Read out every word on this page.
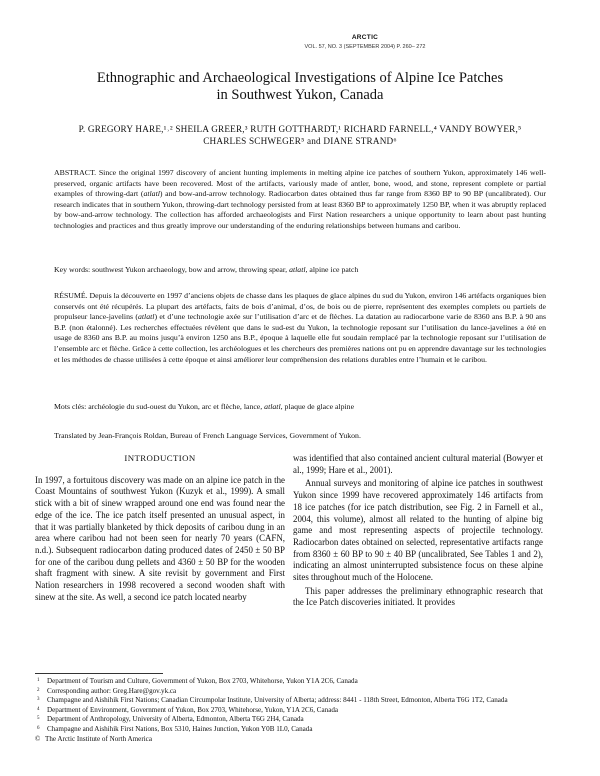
ARCTIC
VOL. 57, NO. 3 (SEPTEMBER 2004) P. 260– 272
Ethnographic and Archaeological Investigations of Alpine Ice Patches
in Southwest Yukon, Canada
P. GREGORY HARE,¹˒² SHEILA GREER,³ RUTH GOTTHARDT,¹ RICHARD FARNELL,⁴ VANDY BOWYER,⁵
CHARLES SCHWEGER⁵ and DIANE STRAND⁶
ABSTRACT. Since the original 1997 discovery of ancient hunting implements in melting alpine ice patches of southern Yukon, approximately 146 well-preserved, organic artifacts have been recovered. Most of the artifacts, variously made of antler, bone, wood, and stone, represent complete or partial examples of throwing-dart (atlatl) and bow-and-arrow technology. Radiocarbon dates obtained thus far range from 8360 BP to 90 BP (uncalibrated). Our research indicates that in southern Yukon, throwing-dart technology persisted from at least 8360 BP to approximately 1250 BP, when it was abruptly replaced by bow-and-arrow technology. The collection has afforded archaeologists and First Nation researchers a unique opportunity to learn about past hunting technologies and practices and thus greatly improve our understanding of the enduring relationships between humans and caribou.
Key words: southwest Yukon archaeology, bow and arrow, throwing spear, atlatl, alpine ice patch
RÉSUMÉ. Depuis la découverte en 1997 d’anciens objets de chasse dans les plaques de glace alpines du sud du Yukon, environ 146 artéfacts organiques bien conservés ont été récupérés. La plupart des artéfacts, faits de bois d’animal, d’os, de bois ou de pierre, représentent des exemples complets ou partiels de propulseur lance-javelins (atlatl) et d’une technologie axée sur l’utilisation d’arc et de flèches. La datation au radiocarbone varie de 8360 ans B.P. à 90 ans B.P. (non étalonné). Les recherches effectuées révèlent que dans le sud-est du Yukon, la technologie reposant sur l’utilisation du lance-javelines a été en usage de 8360 ans B.P. au moins jusqu’à environ 1250 ans B.P., époque à laquelle elle fut soudain remplacé par la technologie reposant sur l’utilisation de l’ensemble arc et flèche. Grâce à cette collection, les archéologues et les chercheurs des premières nations ont pu en apprendre davantage sur les technologies et les méthodes de chasse utilisées à cette époque et ainsi améliorer leur compréhension des relations durables entre l’humain et le caribou.
Mots clés: archéologie du sud-ouest du Yukon, arc et flèche, lance, atlatl, plaque de glace alpine
Translated by Jean-François Roldan, Bureau of French Language Services, Government of Yukon.
INTRODUCTION

In 1997, a fortuitous discovery was made on an alpine ice patch in the Coast Mountains of southwest Yukon (Kuzyk et al., 1999). A small stick with a bit of sinew wrapped around one end was found near the edge of the ice. The ice patch itself presented an unusual aspect, in that it was partially blanketed by thick deposits of caribou dung in an area where caribou had not been seen for nearly 70 years (CAFN, n.d.). Subsequent radiocarbon dating produced dates of 2450 ± 50 BP for one of the caribou dung pellets and 4360 ± 50 BP for the wooden shaft fragment with sinew. A site revisit by government and First Nation researchers in 1998 recovered a second wooden shaft with sinew at the site. As well, a second ice patch located nearby

was identified that also contained ancient cultural material (Bowyer et al., 1999; Hare et al., 2001).

Annual surveys and monitoring of alpine ice patches in southwest Yukon since 1999 have recovered approximately 146 artifacts from 18 ice patches (for ice patch distribution, see Fig. 2 in Farnell et al., 2004, this volume), almost all related to the hunting of alpine big game and most representing aspects of projectile technology. Radiocarbon dates obtained on selected, representative artifacts range from 8360 ± 60 BP to 90 ± 40 BP (uncalibrated, See Tables 1 and 2), indicating an almost uninterrupted subsistence focus on these alpine sites throughout much of the Holocene.

This paper addresses the preliminary ethnographic research that the Ice Patch discoveries initiated. It provides

1	Department of Tourism and Culture, Government of Yukon, Box 2703, Whitehorse, Yukon Y1A 2C6, Canada
2	Corresponding author: Greg.Hare@gov.yk.ca
3	Champagne and Aishihik First Nations; Canadian Circumpolar Institute, University of Alberta; address: 8441 - 118th Street, Edmonton, Alberta T6G 1T2, Canada
4	Department of Environment, Government of Yukon, Box 2703, Whitehorse, Yukon, Y1A 2C6, Canada
5	Department of Anthropology, University of Alberta, Edmonton, Alberta T6G 2H4, Canada
6	Champagne and Aishihik First Nations, Box 5310, Haines Junction, Yukon Y0B 1L0, Canada
© The Arctic Institute of North America
